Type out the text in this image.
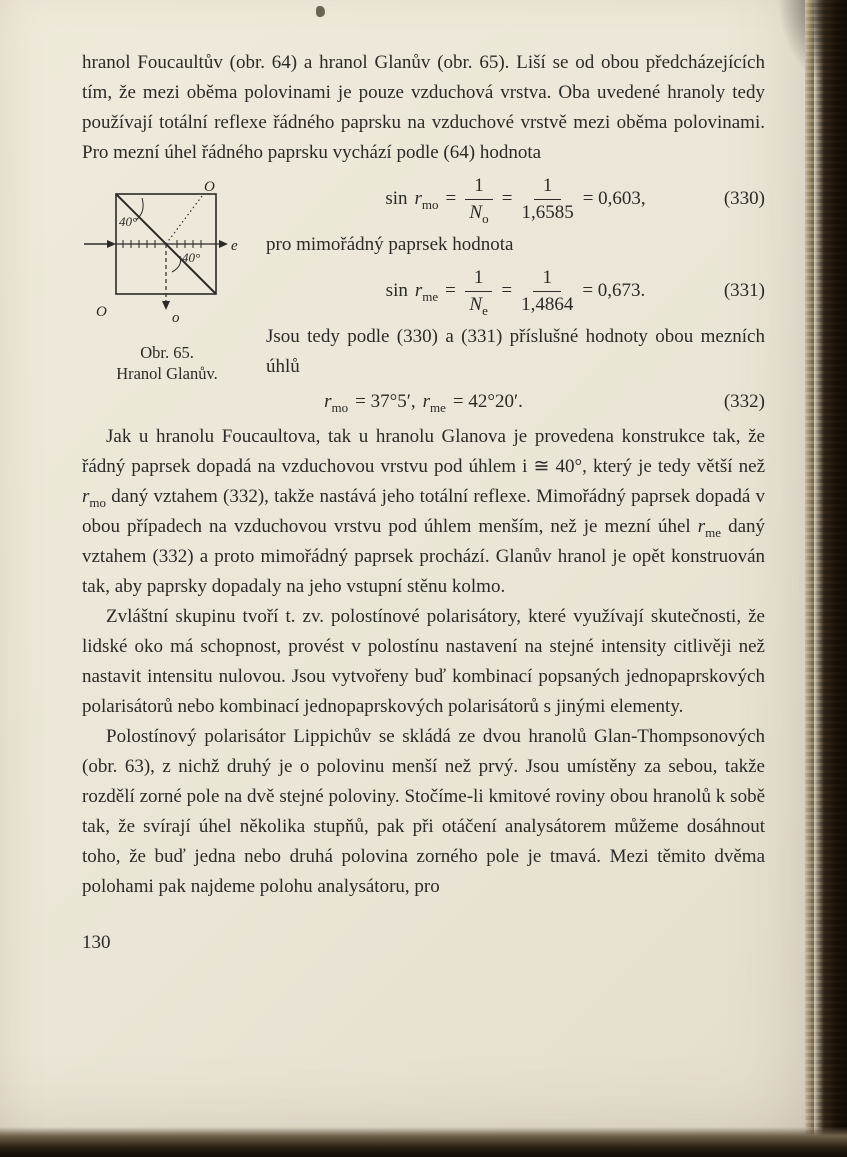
hranol Foucaultův (obr. 64) a hranol Glanův (obr. 65). Liší se od obou předcházejících tím, že mezi oběma polovinami je pouze vzduchová vrstva. Oba uvedené hranoly tedy používají totální reflexe řádného paprsku na vzduchové vrstvě mezi oběma polovinami. Pro mezní úhel řádného paprsku vychází podle (64) hodnota

40°
40°
O
e
O	o
Obr. 65.
Hranol Glanův.
$\sin r_{mo} = \frac{1}{N_o} = \frac{1}{1,6585} = 0,603$,	(330)

pro mimořádný paprsek hodnota

$\sin r_{me} = \frac{1}{N_e} = \frac{1}{1,4864} = 0,673$.	(331)

Jsou tedy podle (330) a (331) příslušné hodnoty obou mezních úhlů

$r_{mo} = 37^\circ 5'$, $r_{me} = 42^\circ 20'$.	(332)

Jak u hranolu Foucaultova, tak u hranolu Glanova je provedena konstrukce tak, že řádný paprsek dopadá na vzduchovou vrstvu pod úhlem i ≅ 40°, který je tedy větší než $r_{mo}$ daný vztahem (332), takže nastává jeho totální reflexe. Mimořádný paprsek dopadá v obou případech na vzduchovou vrstvu pod úhlem menším, než je mezní úhel $r_{me}$ daný vztahem (332) a proto mimořádný paprsek prochází. Glanův hranol je opět konstruován tak, aby paprsky dopadaly na jeho vstupní stěnu kolmo.

Zvláštní skupinu tvoří t. zv. polostínové polarisátory, které využívají skutečnosti, že lidské oko má schopnost, provést v polostínu nastavení na stejné intensity citlivěji než nastavit intensitu nulovou. Jsou vytvořeny buď kombinací popsaných jednopaprskových polarisátorů nebo kombinací jednopaprskových polarisátorů s jinými elementy.

Polostínový polarisátor Lippichův se skládá ze dvou hranolů Glan-Thompsonových (obr. 63), z nichž druhý je o polovinu menší než prvý. Jsou umístěny za sebou, takže rozdělí zorné pole na dvě stejné poloviny. Stočíme-li kmitové roviny obou hranolů k sobě tak, že svírají úhel několika stupňů, pak při otáčení analysátorem můžeme dosáhnout toho, že buď jedna nebo druhá polovina zorného pole je tmavá. Mezi těmito dvěma polohami pak najdeme polohu analysátoru, pro

130
